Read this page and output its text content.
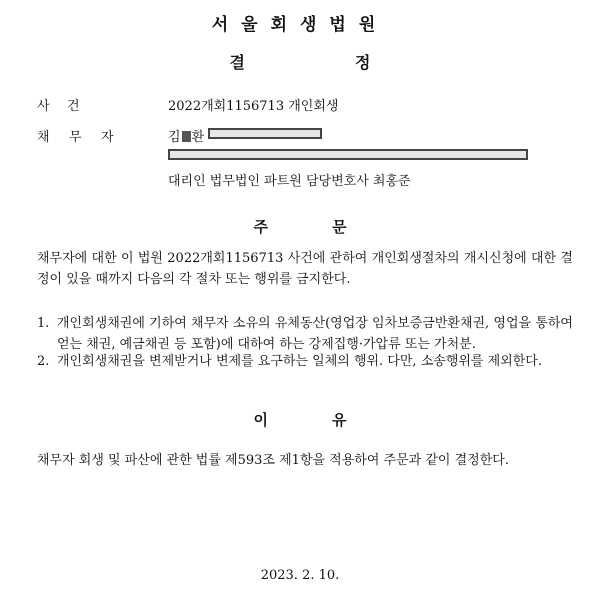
서울회생법원
결	정
사 건	2022개회1156713 개인회생
채 무 자	김 환
대리인 법무법인 파트원 담당변호사 최홍준
주	문
채무자에 대한 이 법원 2022개회1156713 사건에 관하여 개인회생절차의 개시신청에 대한 결정이 있을 때까지 다음의 각 절차 또는 행위를 금지한다.
1. 개인회생채권에 기하여 채무자 소유의 유체동산(영업장 임차보증금반환채권, 영업을 통하여 얻는 채권, 예금채권 등 포함)에 대하여 하는 강제집행·가압류 또는 가처분.
2. 개인회생채권을 변제받거나 변제를 요구하는 일체의 행위. 다만, 소송행위를 제외한다.
이	유
채무자 회생 및 파산에 관한 법률 제593조 제1항을 적용하여 주문과 같이 결정한다.
2023. 2. 10.
